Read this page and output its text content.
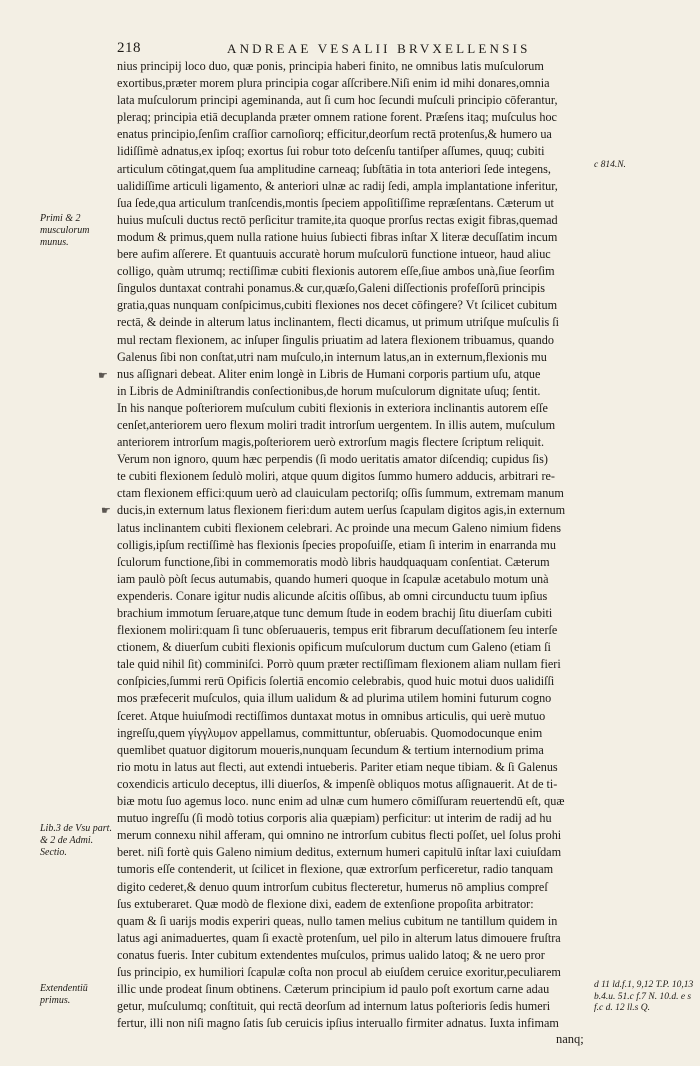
218	ANDREAE VESALII BRVXELLENSIS
nius principij loco duo, quæ ponis, principia haberi finito, ne omnibus latis muſculorum
exortibus,præter morem plura principia cogar aſſcribere.Niſi enim id mihi donares,omnia
lata muſculorum principi ageminanda, aut ſi cum hoc ſecundi muſculi principio cōferantur,
pleraq; principia etiā decuplanda præter omnem ratione forent. Præſens itaq; muſculus hoc
enatus principio,ſenſim craſſior carnoſiorq; efficitur,deorſum rectā protenſus,& humero ua
lidiſſimè adnatus,ex ipſoq; exortus ſui robur toto deſcenſu tantiſper aſſumes, quuq; cubiti
articulum cōtingat,quem ſua amplitudine carneaq; ſubſtātia in tota anteriori ſede integens,
ualidiſſime articuli ligamento, & anteriori ulnæ ac radij ſedi, ampla implantatione inferitur,
ſua ſede,qua articulum tranſcendis,montis ſpeciem appoſitiſſime repræſentans. Cæterum ut
huius muſculi ductus rectō perſicitur tramite,ita quoque prorſus rectas exigit fibras,quemad
modum & primus,quem nulla ratione huius ſubiecti fibras inſtar X literæ decuſſatim incum
bere aufim aſſerere. Et quantuuis accuratè horum muſculorū functione intueor, haud aliuc
colligo, quàm utrumq; rectiſſimæ cubiti flexionis autorem eſſe,ſiue ambos unà,ſiue ſeorſim
ſingulos duntaxat contrahi ponamus.& cur,quæſo,Galeni diſſectionis profeſſorū principis
gratia,quas nunquam conſpicimus,cubiti flexiones nos decet cōfingere? Vt ſcilicet cubitum
rectā, & deinde in alterum latus inclinantem, flecti dicamus, ut primum utriſque muſculis ſi
mul rectam flexionem, ac inſuper ſingulis priuatim ad latera flexionem tribuamus, quando
Galenus ſibi non conſtat,utri nam muſculo,in internum latus,an in externum,flexionis mu
nus aſſignari debeat. Aliter enim longè in Libris de Humani corporis partium uſu, atque
in Libris de Adminiſtrandis conſectionibus,de horum muſculorum dignitate uſuq; ſentit.
In his nanque poſteriorem muſculum cubiti flexionis in exteriora inclinantis autorem eſſe
cenſet,anteriorem uero flexum moliri tradit introrſum uergentem. In illis autem, muſculum
anteriorem introrſum magis,poſteriorem uerò extrorſum magis flectere ſcriptum reliquit.
Verum non ignoro, quum hæc perpendis (ſi modo ueritatis amator diſcendiq; cupidus ſis)
te cubiti flexionem ſedulò moliri, atque quum digitos ſummo humero adducis, arbitrari re-
ctam flexionem effici:quum uerò ad clauiculam pectoriſq; oſſis ſummum, extremam manum
ducis,in externum latus flexionem fieri:dum autem uerſus ſcapulam digitos agis,in externum
latus inclinantem cubiti flexionem celebrari. Ac proinde una mecum Galeno nimium fidens
colligis,ipſum rectiſſimè has flexionis ſpecies propoſuiſſe, etiam ſi interim in enarranda mu
ſculorum functione,ſibi in commemoratis modò libris haudquaquam conſentiat. Cæterum
iam paulò pòſt ſecus autumabis, quando humeri quoque in ſcapulæ acetabulo motum unà
expenderis. Conare igitur nudis alicunde aſcitis oſſibus, ab omni circunductu tuum ipſius
brachium immotum ſeruare,atque tunc demum ſtude in eodem brachij ſitu diuerſam cubiti
flexionem moliri:quam ſi tunc obſeruaueris, tempus erit fibrarum decuſſationem ſeu interſe
ctionem, & diuerſum cubiti flexionis opificum muſculorum ductum cum Galeno (etiam ſi
tale quid nihil ſit) comminiſci. Porrò quum præter rectiſſimam flexionem aliam nullam fieri
conſpicies,ſummi rerū Opificis ſolertiā encomio celebrabis, quod huic motui duos ualidiſſi
mos præfecerit muſculos, quia illum ualidum & ad plurima utilem homini futurum cogno
ſceret. Atque huiuſmodi rectiſſimos duntaxat motus in omnibus articulis, qui uerè mutuo
ingreſſu,quem γίγγλυμον appellamus, committuntur, obſeruabis. Quomodocunque enim
quemlibet quatuor digitorum moueris,nunquam ſecundum & tertium internodium prima
rio motu in latus aut flecti, aut extendi intueberis. Pariter etiam neque tibiam. & ſi Galenus
coxendicis articulo deceptus, illi diuerſos, & impenſè obliquos motus aſſignauerit. At de ti-
biæ motu ſuo agemus loco. nunc enim ad ulnæ cum humero cōmiſſuram reuertendū eſt, quæ
mutuo ingreſſu (ſi modò totius corporis alia quæpiam) perficitur: ut interim de radij ad hu
merum connexu nihil afferam, qui omnino ne introrſum cubitus flecti poſſet, uel ſolus prohi
beret. niſi fortè quis Galeno nimium deditus, externum humeri capitulū inſtar laxi cuiuſdam
tumoris eſſe contenderit, ut ſcilicet in flexione, quæ extrorſum perficeretur, radio tanquam
digito cederet,& denuo quum introrſum cubitus flecteretur, humerus nō amplius compreſ
ſus extuberaret. Quæ modò de flexione dixi, eadem de extenſione propoſita arbitrator:
quam & ſi uarijs modis experiri queas, nullo tamen melius cubitum ne tantillum quidem in
latus agi animaduertes, quam ſi exactè protenſum, uel pilo in alterum latus dimouere fruſtra
conatus fueris. Inter cubitum extendentes muſculos, primus ualido latoq; & ne uero pror
ſus principio, ex humiliori ſcapulæ coſta non procul ab eiuſdem ceruice exoritur,peculiarem
illic unde prodeat ſinum obtinens. Cæterum principium id paulo poſt exortum carne adau
getur, muſculumq; conſtituit, qui rectā deorſum ad internum latus poſterioris ſedis humeri
fertur, illi non niſi magno ſatis ſub ceruicis ipſius interuallo firmiter adnatus. Iuxta infimam
Primi & 2 musculorum munus.
Lib.3 de Vsu part. & 2 de Admi. Sectio.
Extendentiū primus.
c 814.N.
d 11 ld.f.1, 9,12 T.P. 10,13 b.4.u. 51.c f.7 N. 10.d. e s f.c d. 12 ll.s Q.
☛
☛
nanq;
